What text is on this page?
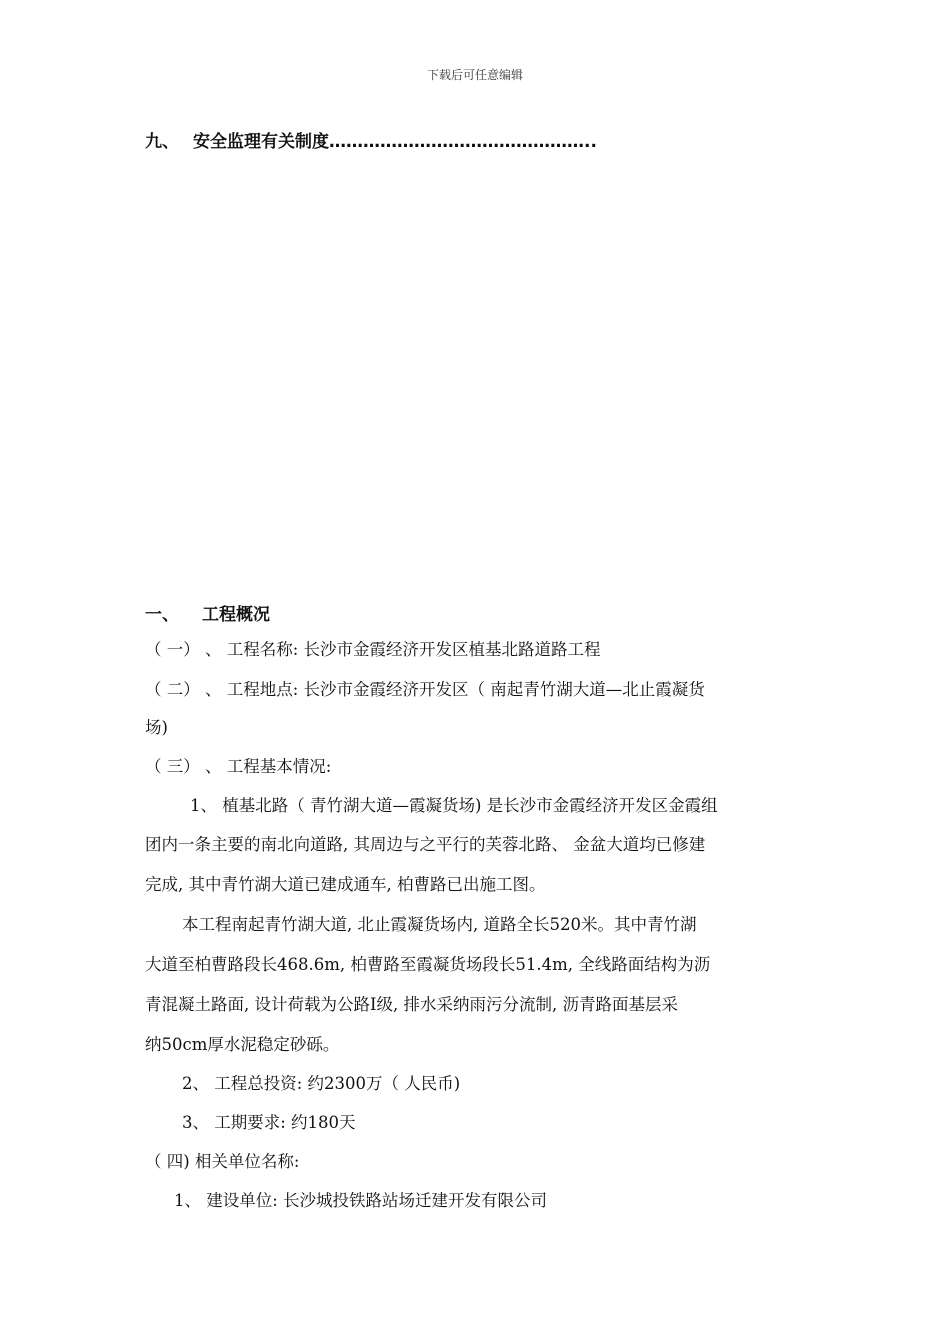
下载后可任意编辑
九、 安全监理有关制度………………………………………..
一、 工程概况
（ 一） 、 工程名称: 长沙市金霞经济开发区植基北路道路工程
（ 二） 、 工程地点: 长沙市金霞经济开发区（ 南起青竹湖大道—北止霞凝货
场)
（ 三） 、 工程基本情况:
1、 植基北路（ 青竹湖大道—霞凝货场) 是长沙市金霞经济开发区金霞组
团内一条主要的南北向道路, 其周边与之平行的芙蓉北路、 金盆大道均已修建
完成, 其中青竹湖大道已建成通车, 柏曹路已出施工图。
本工程南起青竹湖大道, 北止霞凝货场内, 道路全长520米。其中青竹湖
大道至柏曹路段长468.6m, 柏曹路至霞凝货场段长51.4m, 全线路面结构为沥
青混凝土路面, 设计荷载为公路Ⅰ级, 排水采纳雨污分流制, 沥青路面基层采
纳50cm厚水泥稳定砂砾。
2、 工程总投资: 约2300万（ 人民币)
3、 工期要求: 约180天
（ 四) 相关单位名称:
1、 建设单位: 长沙城投铁路站场迁建开发有限公司
